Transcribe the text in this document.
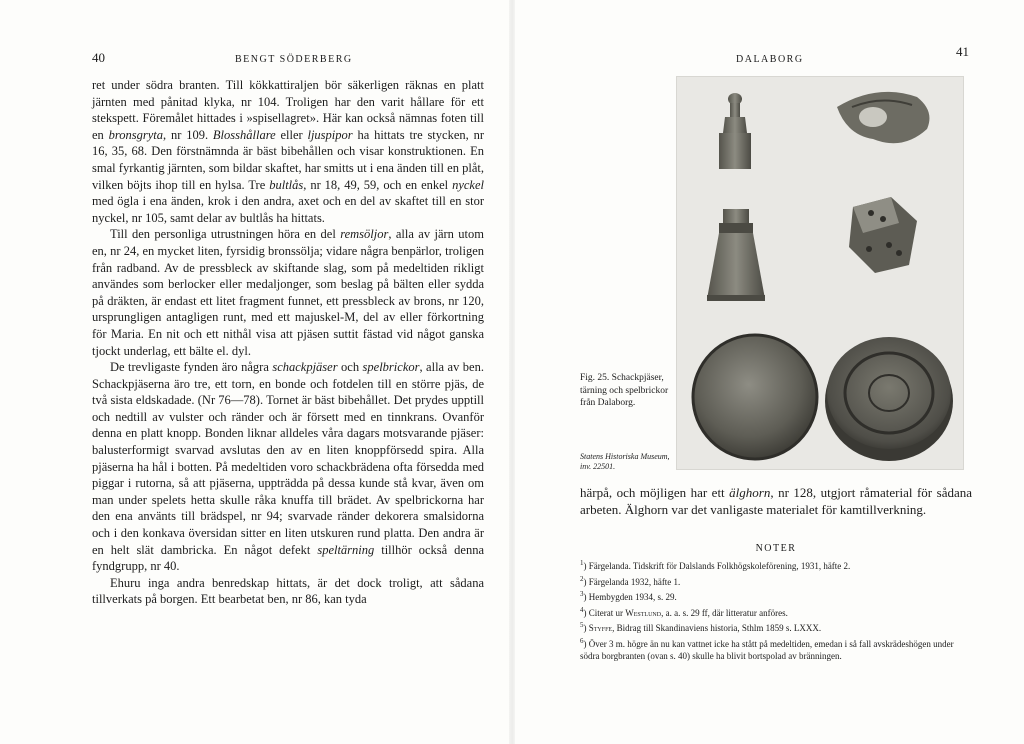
40	BENGT SÖDERBERG

ret under södra branten. Till kökkattiraljen bör säkerligen räknas en platt järnten med pånitad klyka, nr 104. Troligen har den varit hållare för ett stekspett. Föremålet hittades i »spisellagret». Här kan också nämnas foten till en bronsgryta, nr 109. Blosshållare eller ljuspipor ha hittats tre stycken, nr 16, 35, 68. Den förstnämnda är bäst bibehållen och visar konstruktionen. En smal fyrkantig järnten, som bildar skaftet, har smitts ut i ena änden till en plåt, vilken böjts ihop till en hylsa. Tre bultlås, nr 18, 49, 59, och en enkel nyckel med ögla i ena änden, krok i den andra, axet och en del av skaftet till en stor nyckel, nr 105, samt delar av bultlås ha hittats.

Till den personliga utrustningen höra en del remsöljor, alla av järn utom en, nr 24, en mycket liten, fyrsidig bronssölja; vidare några benpärlor, troligen från radband. Av de pressbleck av skiftande slag, som på medeltiden rikligt användes som berlocker eller medaljonger, som beslag på bälten eller sydda på dräkten, är endast ett litet fragment funnet, ett pressbleck av brons, nr 120, ursprungligen antagligen runt, med ett majuskel-M, del av eller förkortning för Maria. En nit och ett nithål visa att pjäsen suttit fästad vid något ganska tjockt underlag, ett bälte el. dyl.

De trevligaste fynden äro några schackpjäser och spelbrickor, alla av ben. Schackpjäserna äro tre, ett torn, en bonde och fotdelen till en större pjäs, de två sista eldskadade. (Nr 76—78). Tornet är bäst bibehållet. Det prydes upptill och nedtill av vulster och ränder och är försett med en tinnkrans. Ovanför denna en platt knopp. Bonden liknar alldeles våra dagars motsvarande pjäser: balusterformigt svarvad avslutas den av en liten knoppförsedd spira. Alla pjäserna ha hål i botten. På medeltiden voro schackbrädena ofta försedda med piggar i rutorna, så att pjäserna, uppträdda på dessa kunde stå kvar, även om man under spelets hetta skulle råka knuffa till brädet. Av spelbrickorna har den ena använts till brädspel, nr 94; svarvade ränder dekorera smalsidorna och i den konkava översidan sitter en liten utskuren rund platta. Den andra är en helt slät dambricka. En något defekt speltärning tillhör också denna fyndgrupp, nr 40.

Ehuru inga andra benredskap hittats, är det dock troligt, att sådana tillverkats på borgen. Ett bearbetat ben, nr 86, kan tyda

DALABORG
41
Fig. 25. Schackpjäser, tärning och spelbrickor från Dalaborg.
Statens Historiska Museum, inv. 22501.

härpå, och möjligen har ett älghorn, nr 128, utgjort råmaterial för sådana arbeten. Älghorn var det vanligaste materialet för kamtillverkning.

NOTER
$^1$) Färgelanda. Tidskrift för Dalslands Folkhögskoleförening, 1931, häfte 2.
$^2$) Färgelanda 1932, häfte 1.
$^3$) Hembygden 1934, s. 29.
$^4$) Citerat ur Westlund, a. a. s. 29 ff, där litteratur anföres.
$^5$) Styffe, Bidrag till Skandinaviens historia, Sthlm 1859 s. LXXX.
$^6$) Över 3 m. högre än nu kan vattnet icke ha stått på medeltiden, emedan i så fall avskrädeshögen under södra borgbranten (ovan s. 40) skulle ha blivit bortspolad av bränningen.
